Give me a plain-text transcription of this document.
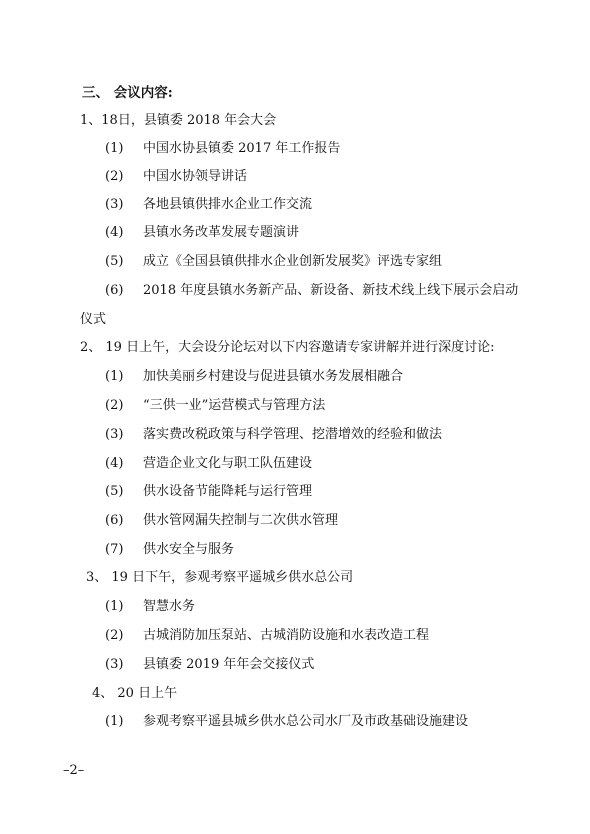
三、 会议内容:
1、18日，县镇委 2018 年会大会
(1) 中国水协县镇委 2017 年工作报告
(2) 中国水协领导讲话
(3) 各地县镇供排水企业工作交流
(4) 县镇水务改革发展专题演讲
(5) 成立《全国县镇供排水企业创新发展奖》评选专家组
(6) 2018 年度县镇水务新产品、新设备、新技术线上线下展示会启动
仪式
2、 19 日上午，大会设分论坛对以下内容邀请专家讲解并进行深度讨论:
(1) 加快美丽乡村建设与促进县镇水务发展相融合
(2) “三供一业”运营模式与管理方法
(3) 落实费改税政策与科学管理、挖潜增效的经验和做法
(4) 营造企业文化与职工队伍建设
(5) 供水设备节能降耗与运行管理
(6) 供水管网漏失控制与二次供水管理
(7) 供水安全与服务
3、 19 日下午，参观考察平遥城乡供水总公司
(1) 智慧水务
(2) 古城消防加压泵站、古城消防设施和水表改造工程
(3) 县镇委 2019 年年会交接仪式
4、 20 日上午
(1) 参观考察平遥县城乡供水总公司水厂及市政基础设施建设
–2–
